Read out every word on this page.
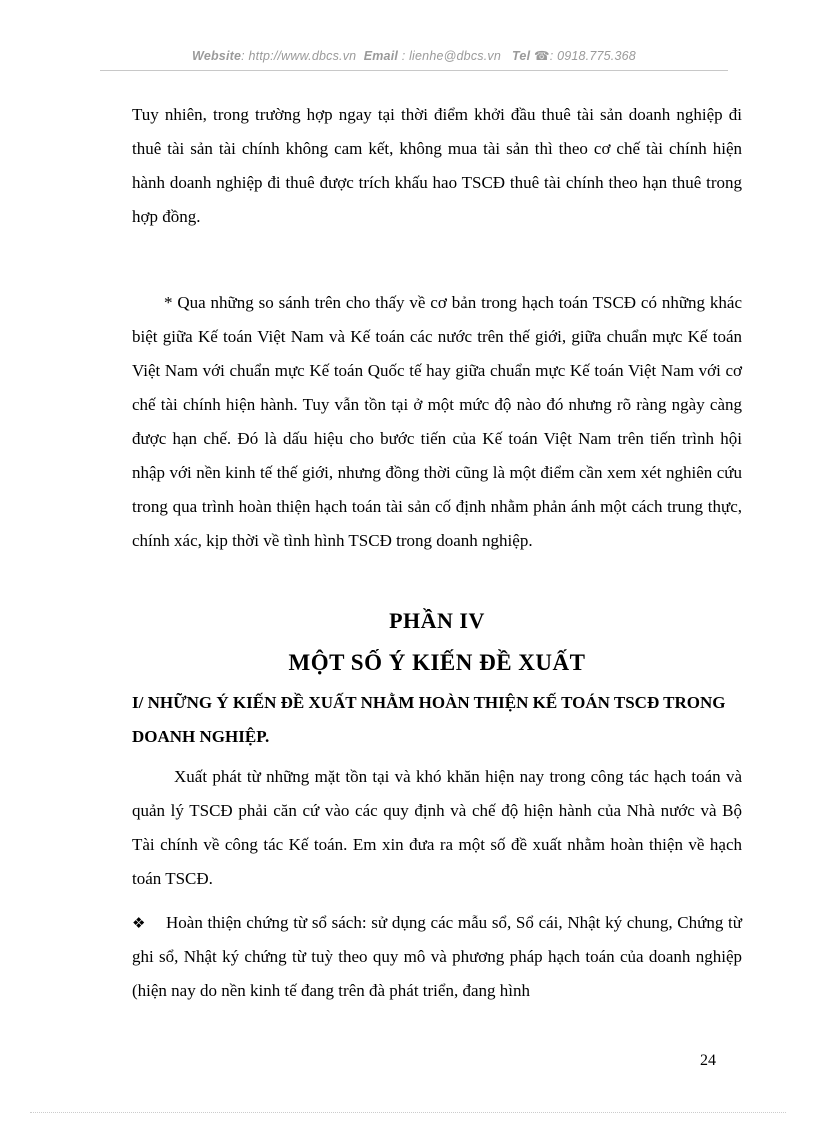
Website: http://www.dbcs.vn Email : lienhe@dbcs.vn Tel ☎: 0918.775.368
Tuy nhiên, trong trường hợp ngay tại thời điểm khởi đầu thuê tài sản doanh nghiệp đi thuê tài sản tài chính không cam kết, không mua tài sản thì theo cơ chế tài chính hiện hành doanh nghiệp đi thuê được trích khấu hao TSCĐ thuê tài chính theo hạn thuê trong hợp đồng.
* Qua những so sánh trên cho thấy về cơ bản trong hạch toán TSCĐ có những khác biệt giữa Kế toán Việt Nam và Kế toán các nước trên thế giới, giữa chuẩn mực Kế toán Việt Nam với chuẩn mực Kế toán Quốc tế hay giữa chuẩn mực Kế toán Việt Nam với cơ chế tài chính hiện hành. Tuy vẫn tồn tại ở một mức độ nào đó nhưng rõ ràng ngày càng được hạn chế. Đó là dấu hiệu cho bước tiến của Kế toán Việt Nam trên tiến trình hội nhập với nền kinh tế thế giới, nhưng đồng thời cũng là một điểm cần xem xét nghiên cứu trong qua trình hoàn thiện hạch toán tài sản cố định nhằm phản ánh một cách trung thực, chính xác, kịp thời về tình hình TSCĐ trong doanh nghiệp.
PHẦN IV
MỘT SỐ Ý KIẾN ĐỀ XUẤT
I/ NHỮNG Ý KIẾN ĐỀ XUẤT NHẰM HOÀN THIỆN KẾ TOÁN TSCĐ TRONG DOANH NGHIỆP.
Xuất phát từ những mặt tồn tại và khó khăn hiện nay trong công tác hạch toán và quản lý TSCĐ phải căn cứ vào các quy định và chế độ hiện hành của Nhà nước và Bộ Tài chính về công tác Kế toán. Em xin đưa ra một số đề xuất nhằm hoàn thiện về hạch toán TSCĐ.
❖ Hoàn thiện chứng từ sổ sách: sử dụng các mẫu sổ, Sổ cái, Nhật ký chung, Chứng từ ghi sổ, Nhật ký chứng từ tuỳ theo quy mô và phương pháp hạch toán của doanh nghiệp (hiện nay do nền kinh tế đang trên đà phát triển, đang hình
24
